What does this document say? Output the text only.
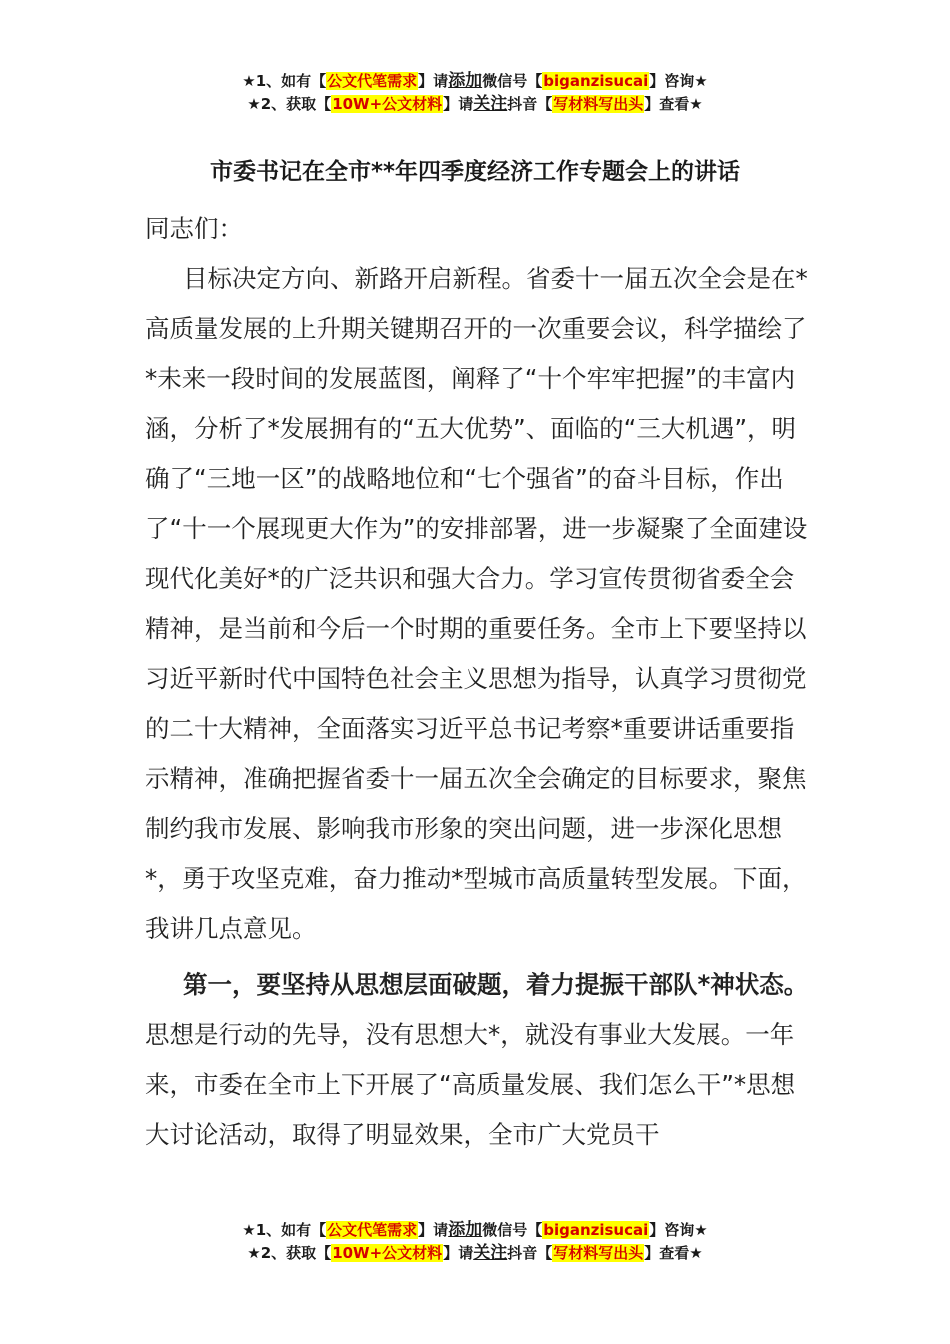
★1、如有【公文代笔需求】请添加微信号【biganzisucai】咨询★
★2、获取【10W+公文材料】请关注抖音【写材料写出头】查看★
市委书记在全市**年四季度经济工作专题会上的讲话

同志们：

目标决定方向、新路开启新程。省委十一届五次全会是在*高质量发展的上升期关键期召开的一次重要会议，科学描绘了*未来一段时间的发展蓝图，阐释了“十个牢牢把握”的丰富内涵，分析了*发展拥有的“五大优势”、面临的“三大机遇”，明确了“三地一区”的战略地位和“七个强省”的奋斗目标，作出了“十一个展现更大作为”的安排部署，进一步凝聚了全面建设现代化美好*的广泛共识和强大合力。学习宣传贯彻省委全会精神，是当前和今后一个时期的重要任务。全市上下要坚持以习近平新时代中国特色社会主义思想为指导，认真学习贯彻党的二十大精神，全面落实习近平总书记考察*重要讲话重要指示精神，准确把握省委十一届五次全会确定的目标要求，聚焦制约我市发展、影响我市形象的突出问题，进一步深化思想*，勇于攻坚克难，奋力推动*型城市高质量转型发展。下面，我讲几点意见。

第一，要坚持从思想层面破题，着力提振干部队*神状态。思想是行动的先导，没有思想大*，就没有事业大发展。一年来，市委在全市上下开展了“高质量发展、我们怎么干”*思想大讨论活动，取得了明显效果，全市广大党员干

★1、如有【公文代笔需求】请添加微信号【biganzisucai】咨询★
★2、获取【10W+公文材料】请关注抖音【写材料写出头】查看★
